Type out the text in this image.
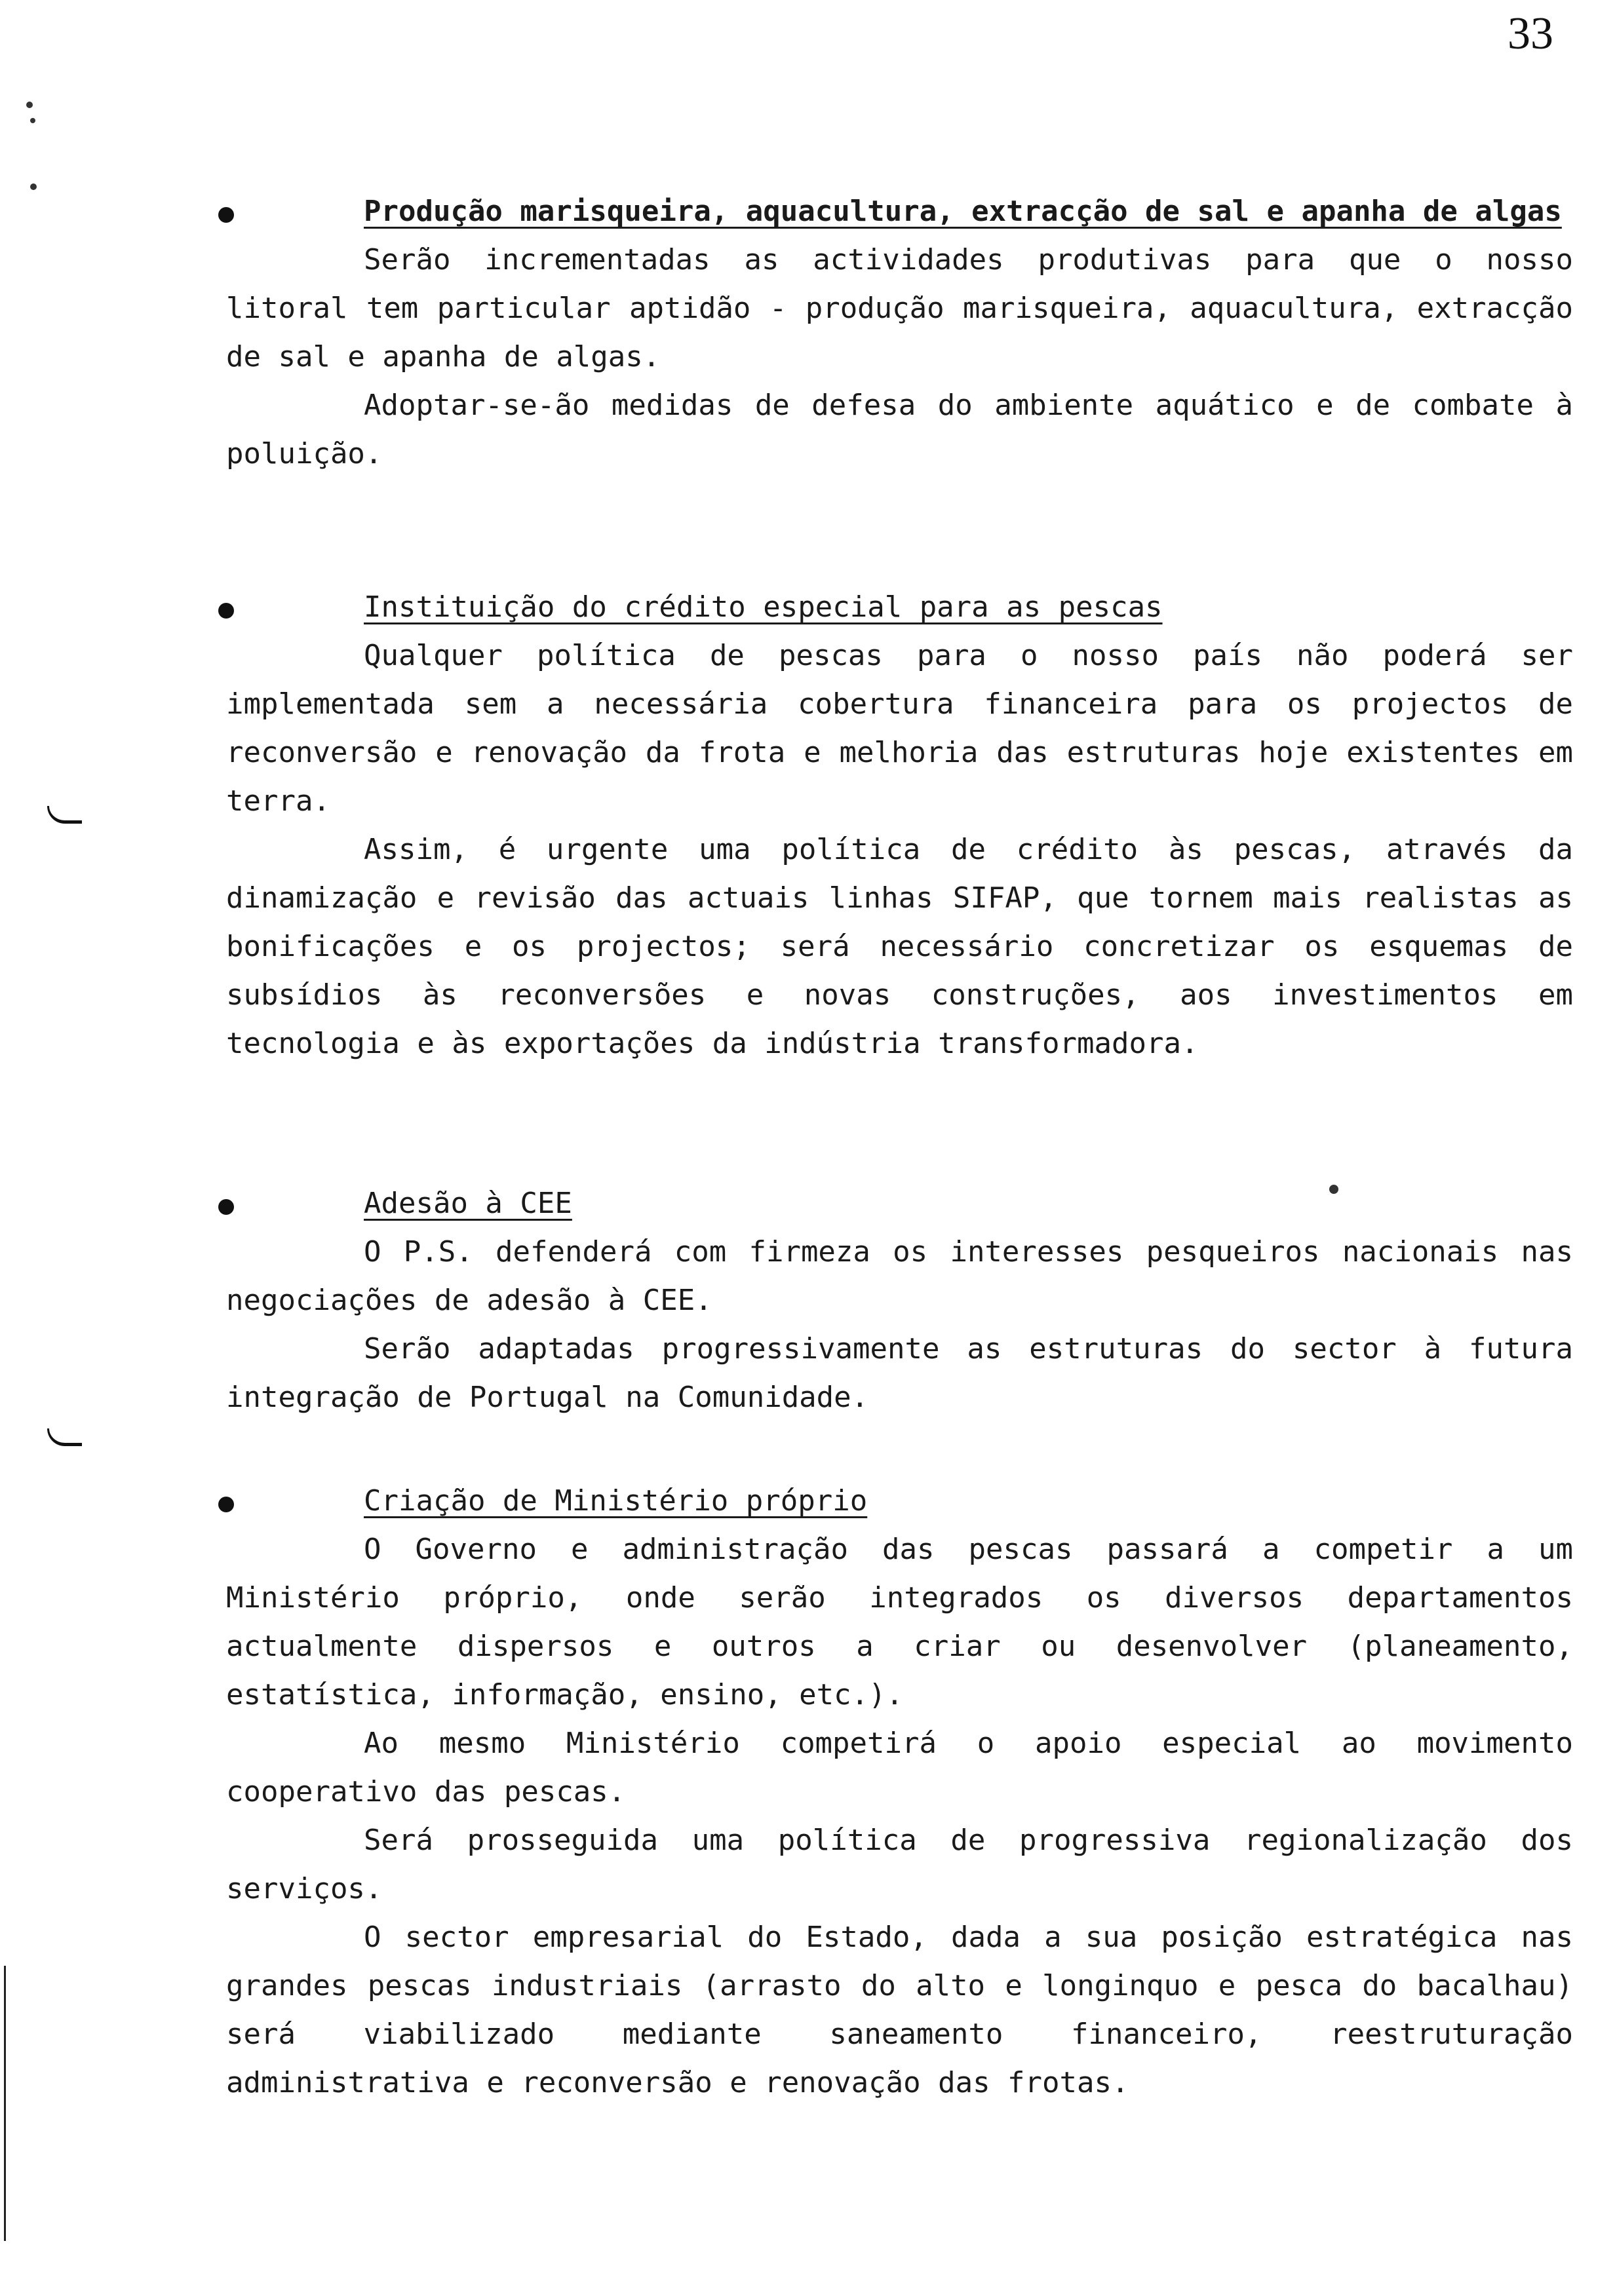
33
Produção marisqueira, aquacultura, extracção de sal e apanha de algas

Serão incrementadas as actividades produtivas para que o nosso litoral tem particular aptidão - produção marisqueira, aquacultura, extracção de sal e apanha de algas.

Adoptar-se-ão medidas de defesa do ambiente aquático e de combate à poluição.

Instituição do crédito especial para as pescas

Qualquer política de pescas para o nosso país não poderá ser implementada sem a necessária cobertura financeira para os projectos de reconversão e renovação da frota e melhoria das estruturas hoje existentes em terra.

Assim, é urgente uma política de crédito às pescas, através da dinamização e revisão das actuais linhas SIFAP, que tornem mais realistas as bonificações e os projectos; será necessário concretizar os esquemas de subsídios às reconversões e novas construções, aos investimentos em tecnologia e às exportações da indústria transformadora.

Adesão à CEE

O P.S. defenderá com firmeza os interesses pesqueiros nacionais nas negociações de adesão à CEE.

Serão adaptadas progressivamente as estruturas do sector à futura integração de Portugal na Comunidade.

Criação de Ministério próprio

O Governo e administração das pescas passará a competir a um Ministério próprio, onde serão integrados os diversos departamentos actualmente dispersos e outros a criar ou desenvolver (planeamento, estatística, informação, ensino, etc.).

Ao mesmo Ministério competirá o apoio especial ao movimento cooperativo das pescas.

Será prosseguida uma política de progressiva regionalização dos serviços.

O sector empresarial do Estado, dada a sua posição estratégica nas grandes pescas industriais (arrasto do alto e longinquo e pesca do bacalhau) será viabilizado mediante saneamento financeiro, reestruturação administrativa e reconversão e renovação das frotas.
